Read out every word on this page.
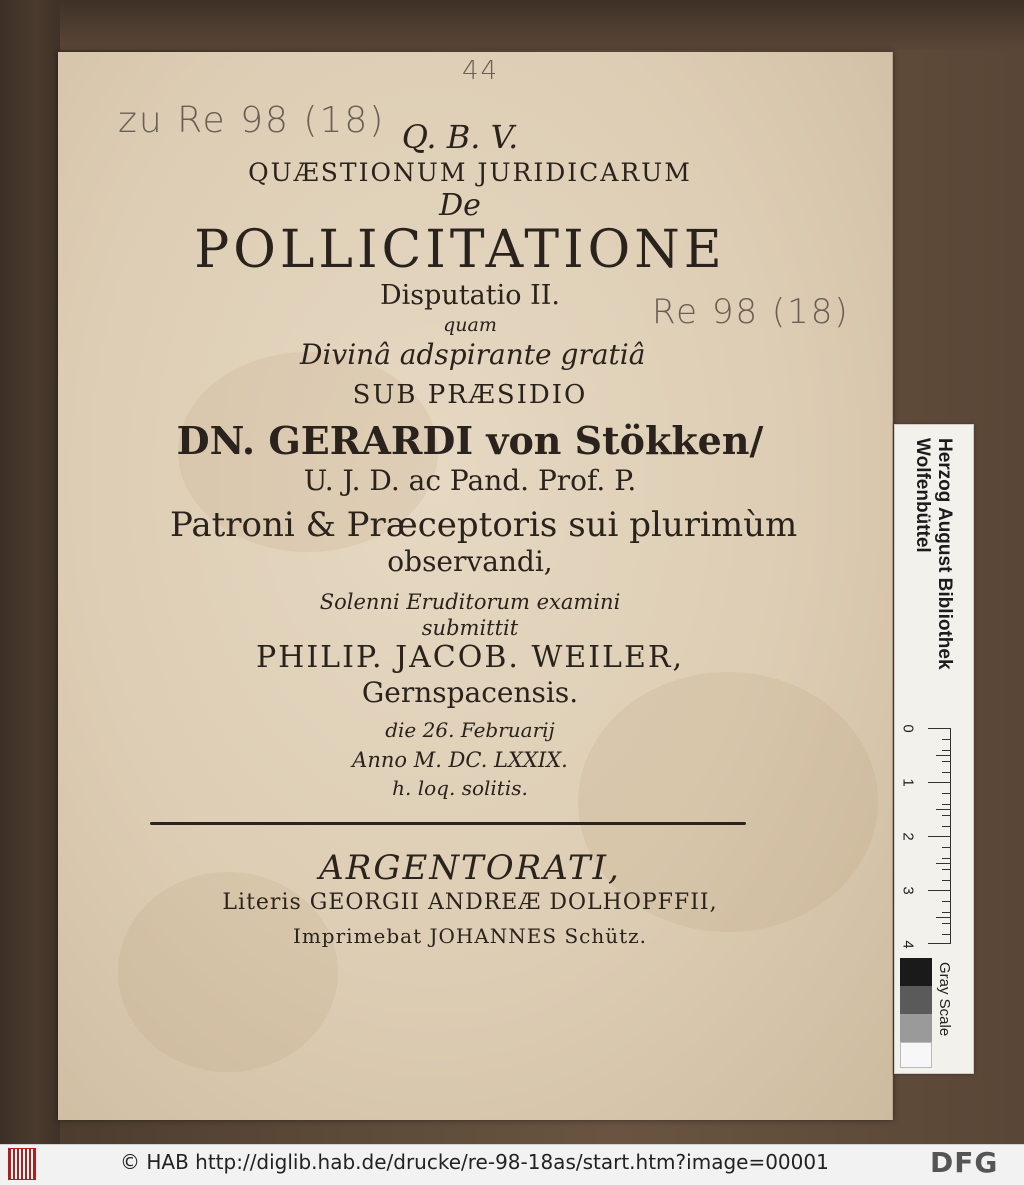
44
zu Re 98 (18)
Re 98 (18)
Q. B. V.
QUÆSTIONUM JURIDICARUM
De
POLLICITATIONE
Disputatio II.
quam
Divinâ adspirante gratiâ
SUB PRÆSIDIO
DN. GERARDI von Stökken/
U. J. D. ac Pand. Prof. P.
Patroni & Præceptoris sui plurimùm
observandi,
Solenni Eruditorum examini
submittit
PHILIP. JACOB. WEILER,
Gernspacensis.
die 26. Februarij
Anno M. DC. LXXIX.
h. loq. solitis.
ARGENTORATI,
Literis GEORGII ANDREÆ DOLHOPFFII,
Imprimebat JOHANNES Schütz.
Herzog August Bibliothek
Wolfenbüttel
0
1
2
3
4
Gray Scale
© HAB http://diglib.hab.de/drucke/re-98-18as/start.htm?image=00001	DFG
